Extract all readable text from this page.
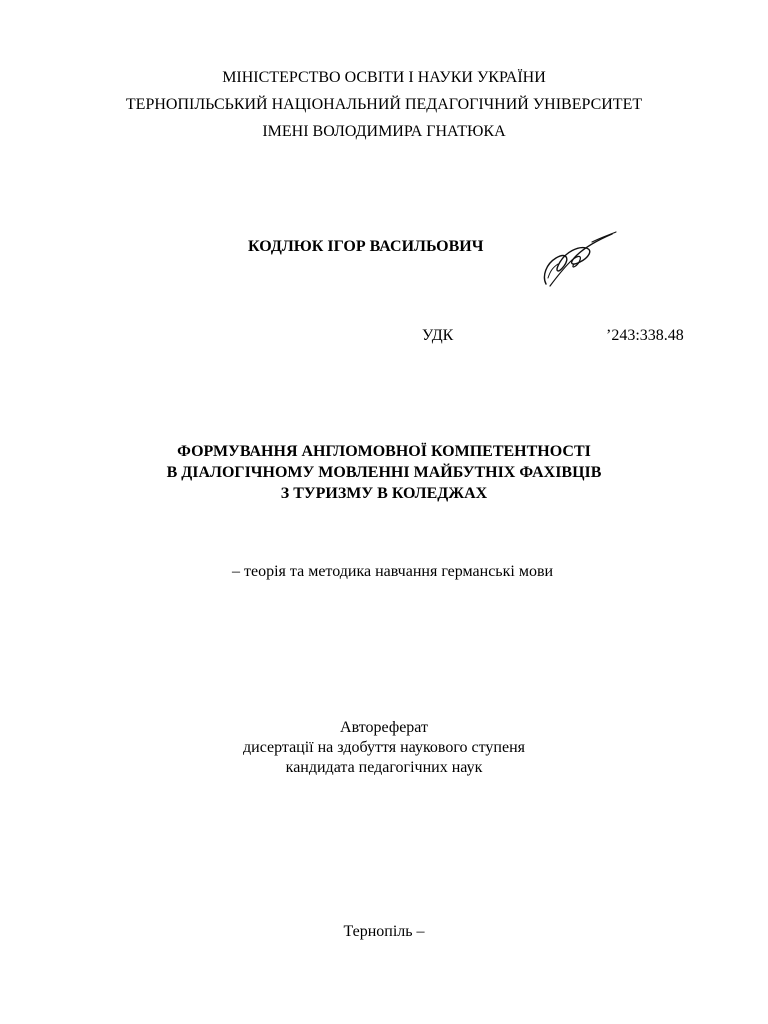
МІНІСТЕРСТВО ОСВІТИ І НАУКИ УКРАЇНИ
ТЕРНОПІЛЬСЬКИЙ НАЦІОНАЛЬНИЙ ПЕДАГОГІЧНИЙ УНІВЕРСИТЕТ
ІМЕНІ ВОЛОДИМИРА ГНАТЮКА
КОДЛЮК ІГОР ВАСИЛЬОВИЧ
УДК	’243:338.48
ФОРМУВАННЯ АНГЛОМОВНОЇ КОМПЕТЕНТНОСТІ
В ДІАЛОГІЧНОМУ МОВЛЕННІ МАЙБУТНІХ ФАХІВЦІВ
З ТУРИЗМУ В КОЛЕДЖАХ
– теорія та методика навчання германські мови
Автореферат
дисертації на здобуття наукового ступеня
кандидата педагогічних наук
Тернопіль –
